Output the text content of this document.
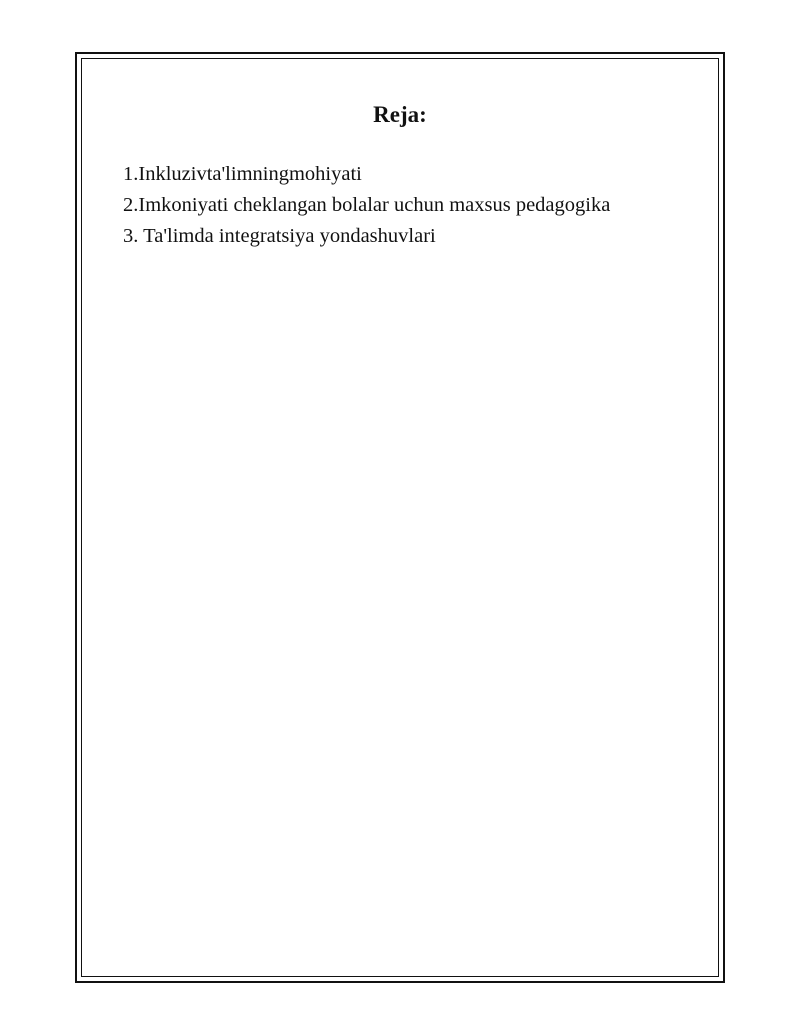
Reja:
1.Inkluzivta'limningmohiyati
2.Imkoniyati cheklangan bolalar uchun maxsus pedagogika
3. Ta'limda integratsiya yondashuvlari
